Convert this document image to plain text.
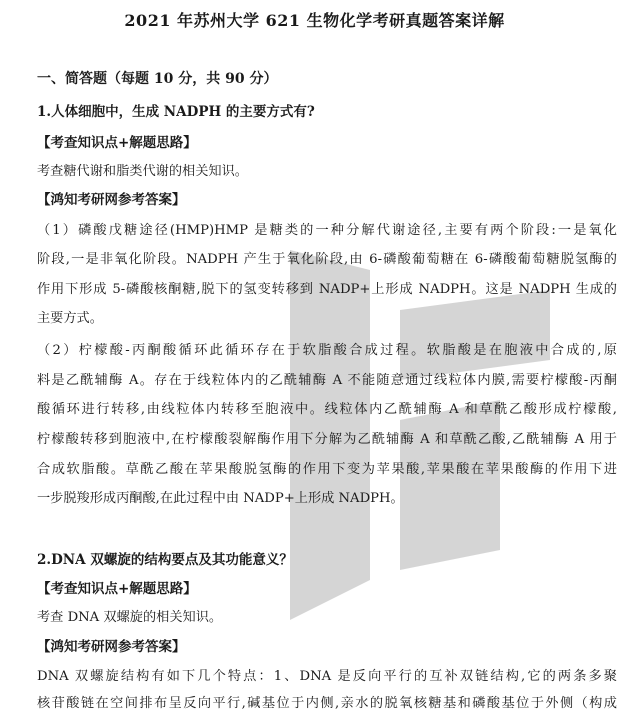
2021 年苏州大学 621 生物化学考研真题答案详解
一、简答题（每题 10 分，共 90 分）
1.人体细胞中，生成 NADPH 的主要方式有?
【考查知识点+解题思路】
考查糖代谢和脂类代谢的相关知识。
【鸿知考研网参考答案】
（1）磷酸戊糖途径(HMP)HMP 是糖类的一种分解代谢途径,主要有两个阶段:一是氧化
阶段,一是非氧化阶段。NADPH 产生于氧化阶段,由 6-磷酸葡萄糖在 6-磷酸葡萄糖脱氢酶的
作用下形成 5-磷酸核酮糖,脱下的氢变转移到 NADP+上形成 NADPH。这是 NADPH 生成的
主要方式。
（2）柠檬酸-丙酮酸循环此循环存在于软脂酸合成过程。软脂酸是在胞液中合成的,原
料是乙酰辅酶 A。存在于线粒体内的乙酰辅酶 A 不能随意通过线粒体内膜,需要柠檬酸-丙酮
酸循环进行转移,由线粒体内转移至胞液中。线粒体内乙酰辅酶 A 和草酰乙酸形成柠檬酸,
柠檬酸转移到胞液中,在柠檬酸裂解酶作用下分解为乙酰辅酶 A 和草酰乙酸,乙酰辅酶 A 用于
合成软脂酸。草酰乙酸在苹果酸脱氢酶的作用下变为苹果酸,苹果酸在苹果酸酶的作用下进
一步脱羧形成丙酮酸,在此过程中由 NADP+上形成 NADPH。
2.DNA 双螺旋的结构要点及其功能意义？
【考查知识点+解题思路】
考查 DNA 双螺旋的相关知识。
【鸿知考研网参考答案】
DNA 双螺旋结构有如下几个特点：1、DNA 是反向平行的互补双链结构,它的两条多聚
核苷酸链在空间排布呈反向平行,碱基位于内侧,亲水的脱氧核糖基和磷酸基位于外侧（构成
